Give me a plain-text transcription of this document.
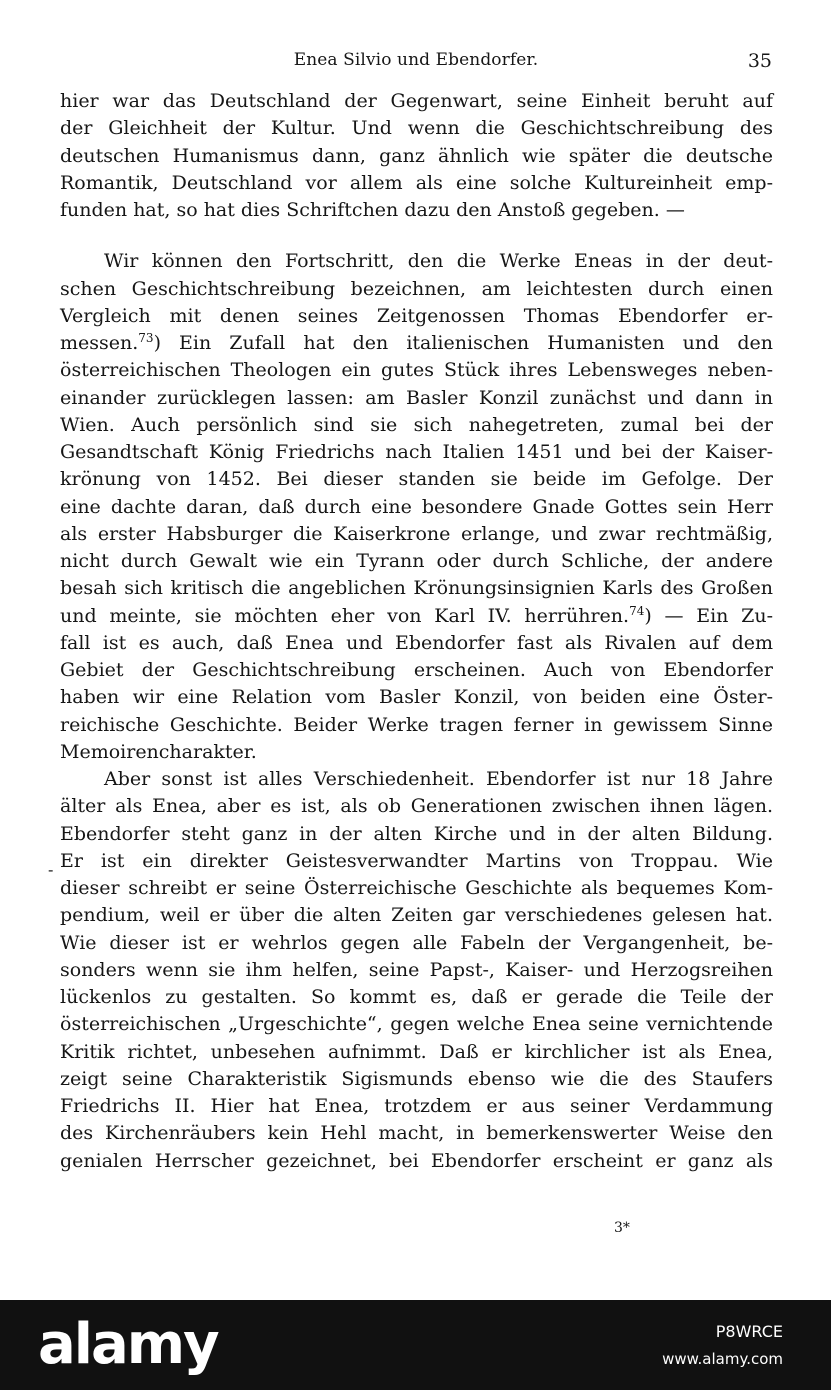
Enea Silvio und Ebendorfer.	35
hier war das Deutschland der Gegenwart, seine Einheit beruht auf
der Gleichheit der Kultur. Und wenn die Geschichtschreibung des
deutschen Humanismus dann, ganz ähnlich wie später die deutsche
Romantik, Deutschland vor allem als eine solche Kultureinheit emp-
funden hat, so hat dies Schriftchen dazu den Anstoß gegeben. —
Wir können den Fortschritt, den die Werke Eneas in der deut-
schen Geschichtschreibung bezeichnen, am leichtesten durch einen
Vergleich mit denen seines Zeitgenossen Thomas Ebendorfer er-
messen.$^{73}$) Ein Zufall hat den italienischen Humanisten und den
österreichischen Theologen ein gutes Stück ihres Lebensweges neben-
einander zurücklegen lassen: am Basler Konzil zunächst und dann in
Wien. Auch persönlich sind sie sich nahegetreten, zumal bei der
Gesandtschaft König Friedrichs nach Italien 1451 und bei der Kaiser-
krönung von 1452. Bei dieser standen sie beide im Gefolge. Der
eine dachte daran, daß durch eine besondere Gnade Gottes sein Herr
als erster Habsburger die Kaiserkrone erlange, und zwar rechtmäßig,
nicht durch Gewalt wie ein Tyrann oder durch Schliche, der andere
besah sich kritisch die angeblichen Krönungsinsignien Karls des Großen
und meinte, sie möchten eher von Karl IV. herrühren.$^{74}$) — Ein Zu-
fall ist es auch, daß Enea und Ebendorfer fast als Rivalen auf dem
Gebiet der Geschichtschreibung erscheinen. Auch von Ebendorfer
haben wir eine Relation vom Basler Konzil, von beiden eine Öster-
reichische Geschichte. Beider Werke tragen ferner in gewissem Sinne
Memoirencharakter.
Aber sonst ist alles Verschiedenheit. Ebendorfer ist nur 18 Jahre
älter als Enea, aber es ist, als ob Generationen zwischen ihnen lägen.
Ebendorfer steht ganz in der alten Kirche und in der alten Bildung.
Er ist ein direkter Geistesverwandter Martins von Troppau. Wie
dieser schreibt er seine Österreichische Geschichte als bequemes Kom-
pendium, weil er über die alten Zeiten gar verschiedenes gelesen hat.
Wie dieser ist er wehrlos gegen alle Fabeln der Vergangenheit, be-
sonders wenn sie ihm helfen, seine Papst-, Kaiser- und Herzogsreihen
lückenlos zu gestalten. So kommt es, daß er gerade die Teile der
österreichischen „Urgeschichte“, gegen welche Enea seine vernichtende
Kritik richtet, unbesehen aufnimmt. Daß er kirchlicher ist als Enea,
zeigt seine Charakteristik Sigismunds ebenso wie die des Staufers
Friedrichs II. Hier hat Enea, trotzdem er aus seiner Verdammung
des Kirchenräubers kein Hehl macht, in bemerkenswerter Weise den
genialen Herrscher gezeichnet, bei Ebendorfer erscheint er ganz als
-
3*
alamy	P8WRCE
www.alamy.com
